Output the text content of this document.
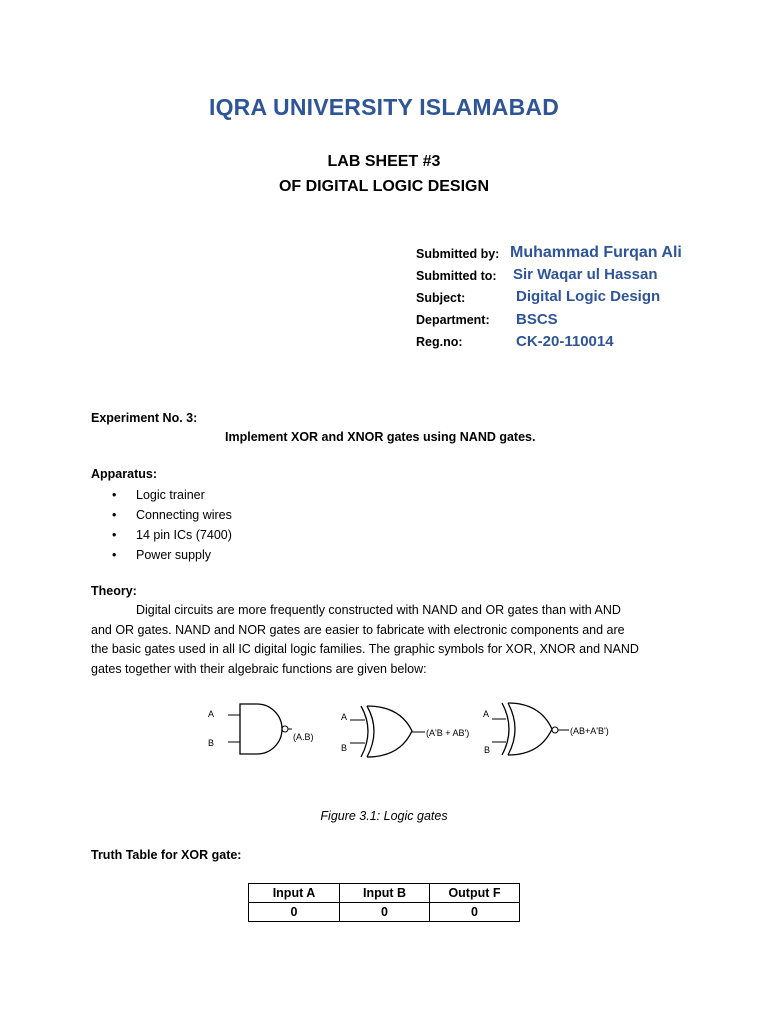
IQRA UNIVERSITY ISLAMABAD
LAB SHEET #3
OF DIGITAL LOGIC DESIGN
Submitted by: Muhammad Furqan Ali
Submitted to: Sir Waqar ul Hassan
Subject:	Digital Logic Design
Department: BSCS
Reg.no:	CK-20-110014
Experiment No. 3:
Implement XOR and XNOR gates using NAND gates.
Apparatus:
• Logic trainer
• Connecting wires
• 14 pin ICs (7400)
• Power supply
Theory:
Digital circuits are more frequently constructed with NAND and OR gates than with AND
and OR gates. NAND and NOR gates are easier to fabricate with electronic components and are
the basic gates used in all IC digital logic families. The graphic symbols for XOR, XNOR and NAND
gates together with their algebraic functions are given below:
A
B
(A.B)
A
B
(A'B + AB')
A
B
(AB+A'B')
Figure 3.1: Logic gates
Truth Table for XOR gate:
Input A	Input B	Output F
0	0	0
